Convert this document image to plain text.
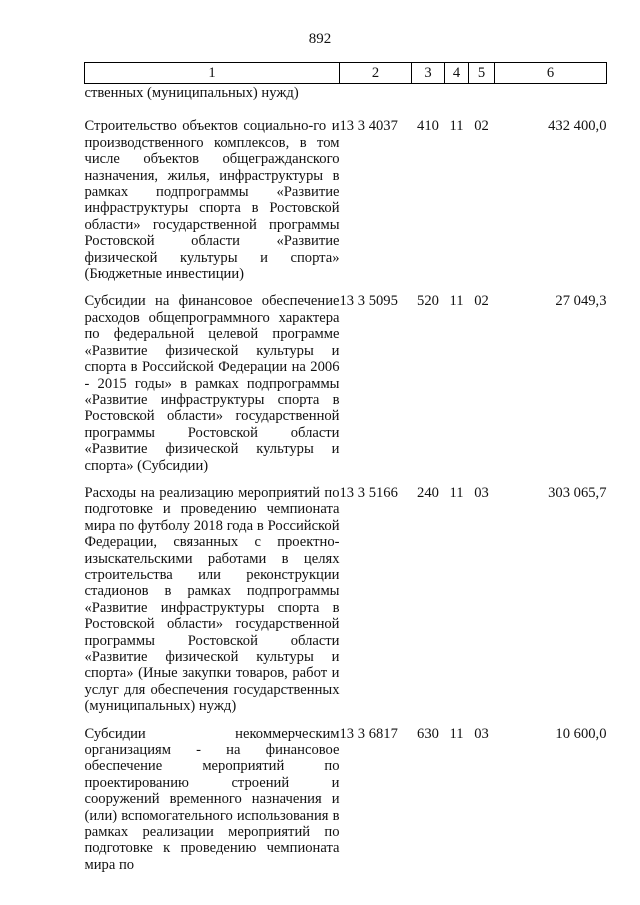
892
1	2	3	4	5	6
ственных (муниципальных) нужд)					
Строительство объектов социально-го и производственного комплексов, в том числе объектов общегражданского назначения, жилья, инфраструктуры в рамках подпрограммы «Развитие инфраструктуры спорта в Ростовской области» государственной программы Ростовской области «Развитие физической культуры и спорта» (Бюджетные инвестиции)	13 3 4037	410	11	02	432 400,0
Субсидии на финансовое обеспечение расходов общепрограммного характера по федеральной целевой программе «Развитие физической культуры и спорта в Российской Федерации на 2006 - 2015 годы» в рамках подпрограммы «Развитие инфраструктуры спорта в Ростовской области» государственной программы Ростовской области «Развитие физической культуры и спорта» (Субсидии)	13 3 5095	520	11	02	27 049,3
Расходы на реализацию мероприятий по подготовке и проведению чемпионата мира по футболу 2018 года в Российской Федерации, связанных с проектно-изыскательскими работами в целях строительства или реконструкции стадионов в рамках подпрограммы «Развитие инфраструктуры спорта в Ростовской области» государственной программы Ростовской области «Развитие физической культуры и спорта» (Иные закупки товаров, работ и услуг для обеспечения государственных (муниципальных) нужд)	13 3 5166	240	11	03	303 065,7
Субсидии некоммерческим организациям - на финансовое обеспечение мероприятий по проектированию строений и сооружений временного назначения и (или) вспомогательного использования в рамках реализации мероприятий по подготовке к проведению чемпионата мира по	13 3 6817	630	11	03	10 600,0
